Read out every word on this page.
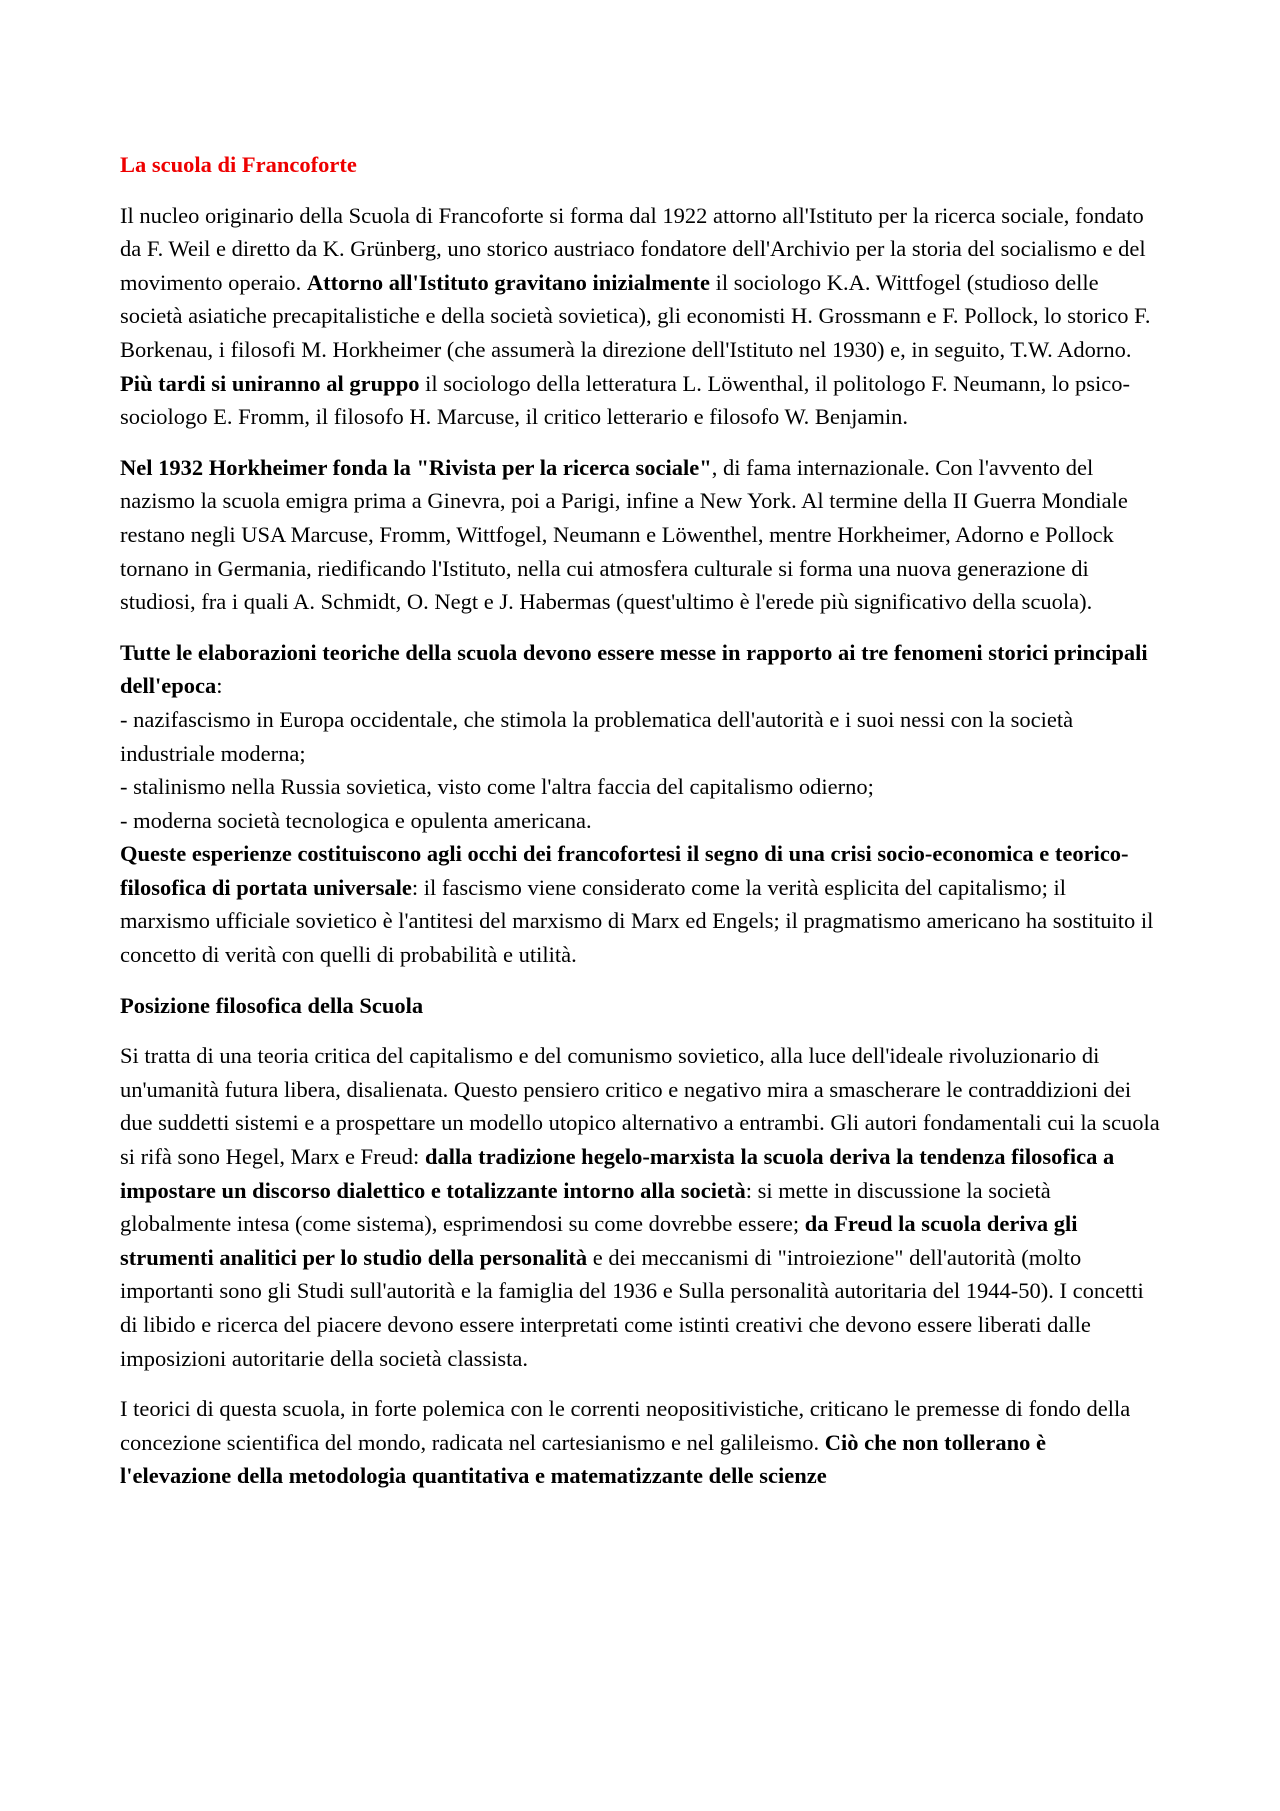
La scuola di Francoforte

Il nucleo originario della Scuola di Francoforte si forma dal 1922 attorno all'Istituto per la ricerca sociale, fondato da F. Weil e diretto da K. Grünberg, uno storico austriaco fondatore dell'Archivio per la storia del socialismo e del movimento operaio. Attorno all'Istituto gravitano inizialmente il sociologo K.A. Wittfogel (studioso delle società asiatiche precapitalistiche e della società sovietica), gli economisti H. Grossmann e F. Pollock, lo storico F. Borkenau, i filosofi M. Horkheimer (che assumerà la direzione dell'Istituto nel 1930) e, in seguito, T.W. Adorno. Più tardi si uniranno al gruppo il sociologo della letteratura L. Löwenthal, il politologo F. Neumann, lo psico-sociologo E. Fromm, il filosofo H. Marcuse, il critico letterario e filosofo W. Benjamin.

Nel 1932 Horkheimer fonda la "Rivista per la ricerca sociale", di fama internazionale. Con l'avvento del nazismo la scuola emigra prima a Ginevra, poi a Parigi, infine a New York. Al termine della II Guerra Mondiale restano negli USA Marcuse, Fromm, Wittfogel, Neumann e Löwenthel, mentre Horkheimer, Adorno e Pollock tornano in Germania, riedificando l'Istituto, nella cui atmosfera culturale si forma una nuova generazione di studiosi, fra i quali A. Schmidt, O. Negt e J. Habermas (quest'ultimo è l'erede più significativo della scuola).

Tutte le elaborazioni teoriche della scuola devono essere messe in rapporto ai tre fenomeni storici principali dell'epoca:

- nazifascismo in Europa occidentale, che stimola la problematica dell'autorità e i suoi nessi con la società industriale moderna;

- stalinismo nella Russia sovietica, visto come l'altra faccia del capitalismo odierno;

- moderna società tecnologica e opulenta americana.

Queste esperienze costituiscono agli occhi dei francofortesi il segno di una crisi socio-economica e teorico-filosofica di portata universale: il fascismo viene considerato come la verità esplicita del capitalismo; il marxismo ufficiale sovietico è l'antitesi del marxismo di Marx ed Engels; il pragmatismo americano ha sostituito il concetto di verità con quelli di probabilità e utilità.

Posizione filosofica della Scuola

Si tratta di una teoria critica del capitalismo e del comunismo sovietico, alla luce dell'ideale rivoluzionario di un'umanità futura libera, disalienata. Questo pensiero critico e negativo mira a smascherare le contraddizioni dei due suddetti sistemi e a prospettare un modello utopico alternativo a entrambi. Gli autori fondamentali cui la scuola si rifà sono Hegel, Marx e Freud: dalla tradizione hegelo-marxista la scuola deriva la tendenza filosofica a impostare un discorso dialettico e totalizzante intorno alla società: si mette in discussione la società globalmente intesa (come sistema), esprimendosi su come dovrebbe essere; da Freud la scuola deriva gli strumenti analitici per lo studio della personalità e dei meccanismi di "introiezione" dell'autorità (molto importanti sono gli Studi sull'autorità e la famiglia del 1936 e Sulla personalità autoritaria del 1944-50). I concetti di libido e ricerca del piacere devono essere interpretati come istinti creativi che devono essere liberati dalle imposizioni autoritarie della società classista.

I teorici di questa scuola, in forte polemica con le correnti neopositivistiche, criticano le premesse di fondo della concezione scientifica del mondo, radicata nel cartesianismo e nel galileismo. Ciò che non tollerano è l'elevazione della metodologia quantitativa e matematizzante delle scienze
